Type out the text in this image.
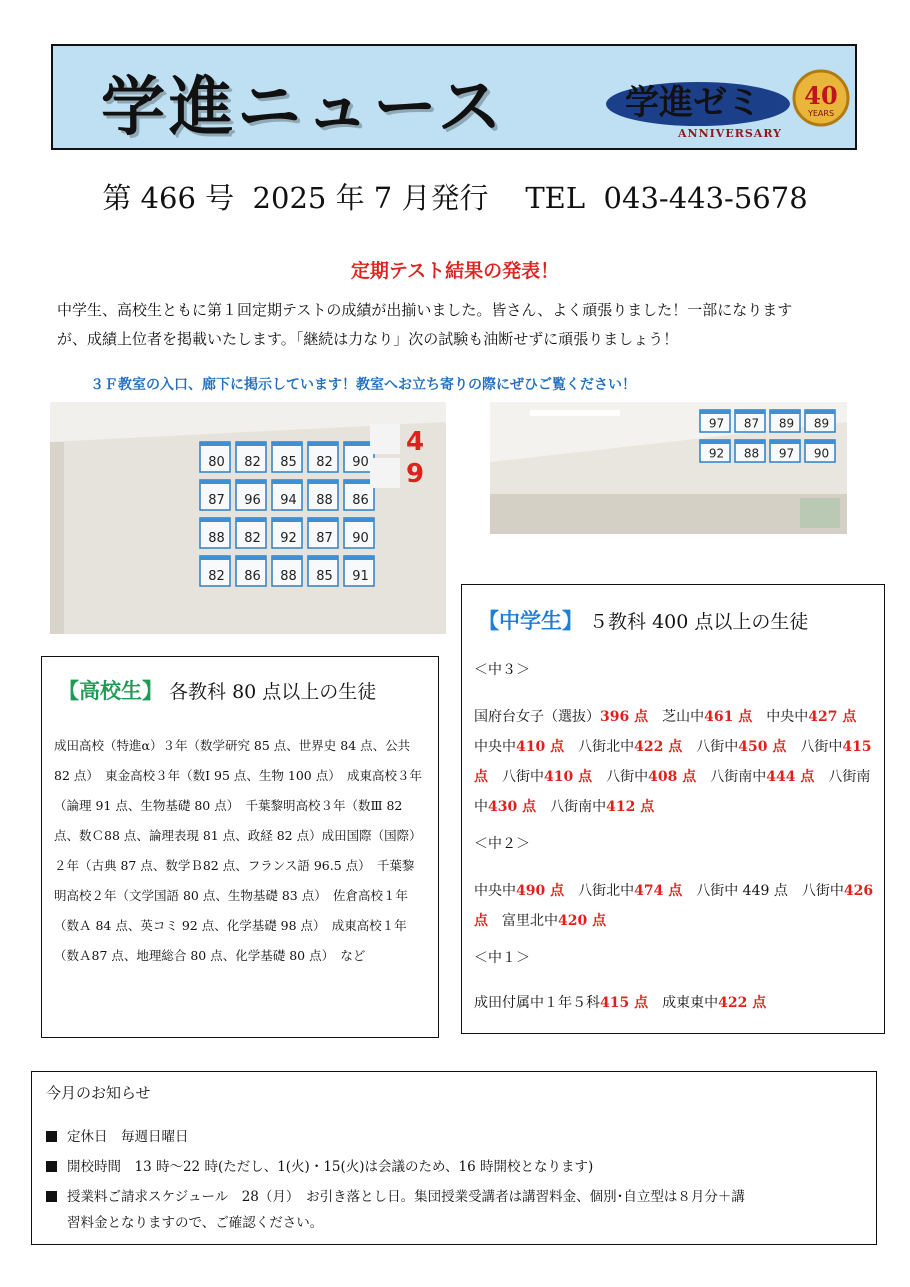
学進ニュース	学進ゼミ 40
YEARS
ANNIVERSARY
第 466 号  2025 年 7 月発行    TEL  043-443-5678
定期テスト結果の発表！
中学生、高校生ともに第１回定期テストの成績が出揃いました。皆さん、よく頑張りました！一部になります
が、成績上位者を掲載いたします。「継続は力なり」次の試験も油断せずに頑張りましょう！
３Ｆ教室の入口、廊下に掲示しています！教室へお立ち寄りの際にぜひご覧ください！
80 82 85 82 90
87 96 94 88 86
88 82 92 87 90
82 86 88 85 91
4
9
97 87 89 89
92 88 97 90
【高校生】 各教科 80 点以上の生徒
成田高校（特進α）３年（数学研究 85 点、世界史 84 点、公共 82 点）　東金高校３年（数Ⅰ 95 点、生物 100 点）　成東高校３年（論理 91 点、生物基礎 80 点）　千葉黎明高校３年（数Ⅲ 82 点、数Ｃ88 点、論理表現 81 点、政経 82 点）成田国際（国際）２年（古典 87 点、数学Ｂ82 点、フランス語 96.5 点）　千葉黎明高校２年（文学国語 80 点、生物基礎 83 点）　佐倉高校１年（数Ａ 84 点、英コミ 92 点、化学基礎 98 点）　成東高校１年（数Ａ87 点、地理総合 80 点、化学基礎 80 点）　など
【中学生】 ５教科 400 点以上の生徒
＜中３＞
国府台女子（選抜）396 点　 芝山中461 点　 中央中427 点　中央中410 点　 八街北中422 点　 八街中450 点　 八街中415 点　 八街中410 点　 八街中408 点　 八街南中444 点　 八街南中430 点　 八街南中412 点
＜中２＞
中央中490 点　 八街北中474 点　 八街中 449 点　八街中426 点　 富里北中420 点
＜中１＞
成田付属中１年５科415 点　 成東東中422 点
今月のお知らせ
定休日　毎週日曜日
開校時間　13 時～22 時(ただし、1(火)・15(火)は会議のため、16 時開校となります)
授業料ご請求スケジュール　28（月）　お引き落とし日。集団授業受講者は講習料金、個別･自立型は８月分＋講
習料金となりますので、ご確認ください。
